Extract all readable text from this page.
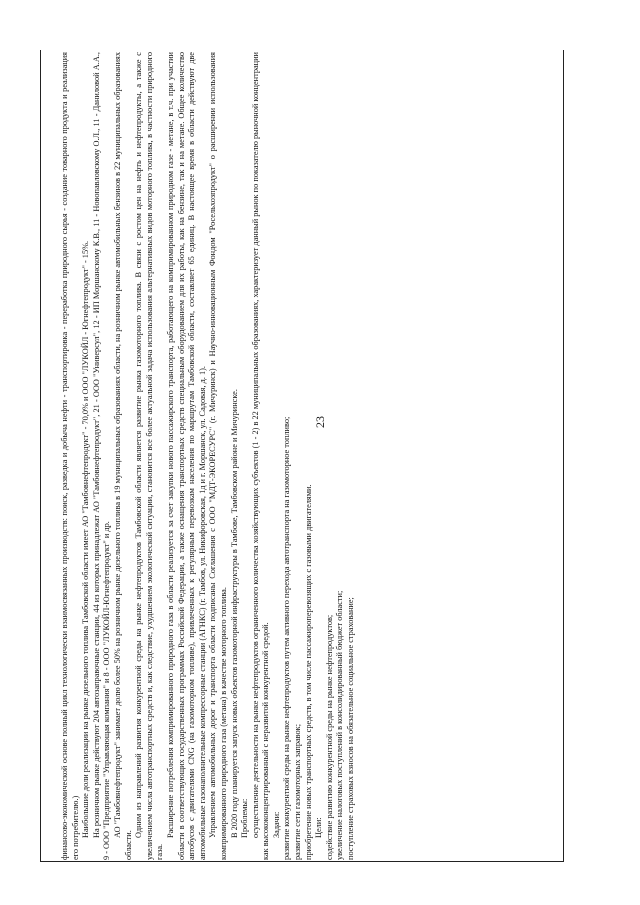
23

финансово-экономической основе полный цикл технологически взаимосвязанных производств: поиск, разведка и добыча нефти - транспортировка - переработка природного сырья - создание товарного продукта и реализация его потребителю.) Наибольшие доли реализации на рынке дизельного топлива Тамбовской области имеет АО "Тамбовнефтепродукт" - 70,0% и ООО "ЛУКОЙЛ - Югнефтепродукт" - 15%. На розничном рынке действуют 204 автозаправочные станции, 44 из которых принадлежат АО "Тамбовнефтепродукт", 21 - ООО "Универсул", 12 - ИП Моршанскому К.В., 11 - Новопавловскому О.Л., 11 - Даниловой А.А., 9 - ООО "Предприятие "Управляющая компания" и 8 - ООО "ЛУКОЙЛ-Югнефтепродукт" и др. АО "Тамбовнефтепродукт" занимает долю более 50% на розничном рынке дизельного топлива в 19 муниципальных образованиях области, на розничном рынке автомобильных бензинов в 22 муниципальных образованиях области.

Одним из направлений развития конкурентной среды на рынке нефтепродуктов Тамбовской области является развитие рынка газомоторного топлива. В связи с ростом цен на нефть и нефтепродукты, а также с увеличением числа автотранспортных средств и, как следствие, ухудшением экологической ситуации, становится все более актуальной задача использования альтернативных видов моторного топлива, в частности природного газа.

Расширение потребления компримированного природного газа в области реализуется за счет закупки нового пассажирского транспорта, работающего на компримированном природном газе - метане, в т.ч. при участии области в соответствующих государственных программах Российской Федерации, а также оснащения транспортных средств специальным оборудованием для их работы, как на бензине, так и на метане. Общее количество автобусов с двигателями CNG (на газомоторном топливе), привлеченных к регулярным перевозкам населения по маршрутам Тамбовской области, составляет 65 единиц. В настоящее время в области действуют две автомобильные газонаполнительные компрессорные станции (АГНКС) (г. Тамбов, ул. Никифоровская, 1д и г. Моршанск, ул. Садовая, д. 1). Управлением автомобильных дорог и транспорта области подписаны Соглашения с ООО "МДТ-ЭКОРЕСУРС" (г. Мичуринск) и Научно-инновационным Фондом "Росельхозпродукт" о расширении использования компримированного природного газа (метана) в качестве моторного топлива. В 2020 году планируется запуск новых объектов газомоторной инфраструктуры в Тамбове, Тамбовском районе и Мичуринске. Проблемы: осуществление деятельности на рынке нефтепродуктов ограниченного количества хозяйствующих субъектов (1 - 2) в 22 муниципальных образованиях, характеризует данный рынок по показателю рыночной концентрации как высококонцентрированный с неразвитой конкурентной средой. Задачи: развитие конкурентной среды на рынке нефтепродуктов путем активного перехода автотранспорта на газомоторное топливо; развитие сети газомоторных заправок; приобретение новых транспортных средств, в том числе пассажироперевозящих с газовыми двигателями. Цели: содействие развитию конкурентной среды на рынке нефтепродуктов; увеличение налоговых поступлений в консолидированный бюджет области; поступление страховых взносов на обязательное социальное страхование;
